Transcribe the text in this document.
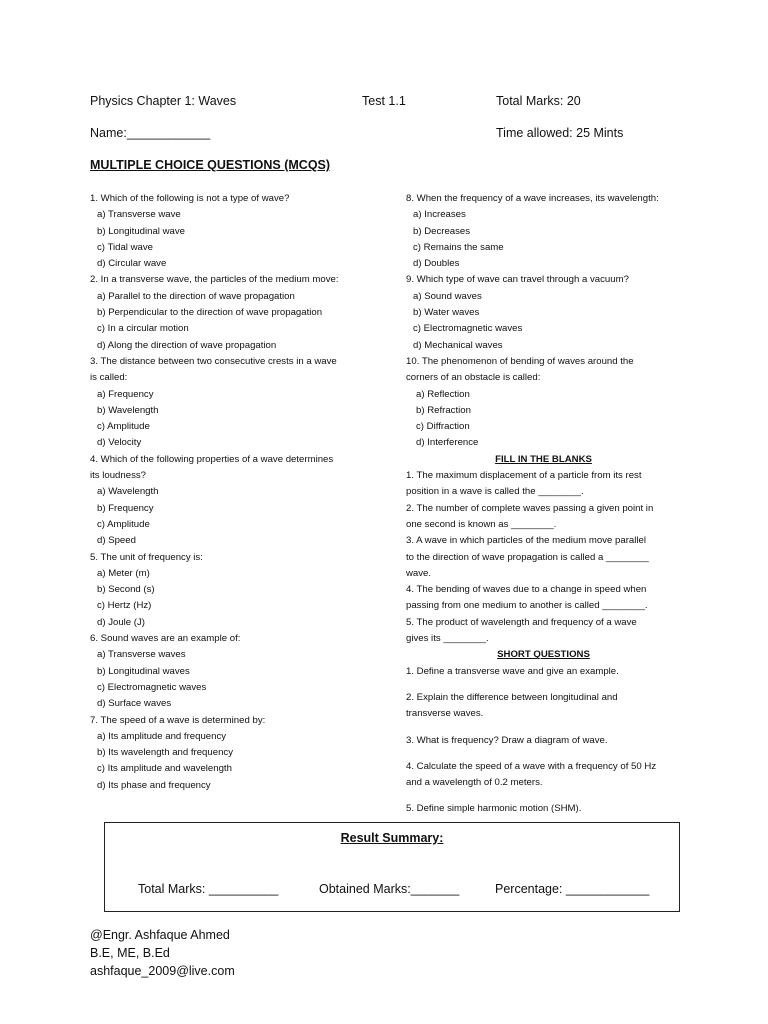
Physics Chapter 1: Waves	Test 1.1	Total Marks: 20
Name:____________	Time allowed: 25 Mints
MULTIPLE CHOICE QUESTIONS (MCQS)
1. Which of the following is not a type of wave?
a) Transverse wave
b) Longitudinal wave
c) Tidal wave
d) Circular wave
2. In a transverse wave, the particles of the medium move:
a) Parallel to the direction of wave propagation
b) Perpendicular to the direction of wave propagation
c) In a circular motion
d) Along the direction of wave propagation
3. The distance between two consecutive crests in a wave
is called:
a) Frequency
b) Wavelength
c) Amplitude
d) Velocity
4. Which of the following properties of a wave determines
its loudness?
a) Wavelength
b) Frequency
c) Amplitude
d) Speed
5. The unit of frequency is:
a) Meter (m)
b) Second (s)
c) Hertz (Hz)
d) Joule (J)
6. Sound waves are an example of:
a) Transverse waves
b) Longitudinal waves
c) Electromagnetic waves
d) Surface waves
7. The speed of a wave is determined by:
a) Its amplitude and frequency
b) Its wavelength and frequency
c) Its amplitude and wavelength
d) Its phase and frequency
8. When the frequency of a wave increases, its wavelength:
a) Increases
b) Decreases
c) Remains the same
d) Doubles
9. Which type of wave can travel through a vacuum?
a) Sound waves
b) Water waves
c) Electromagnetic waves
d) Mechanical waves
10. The phenomenon of bending of waves around the
corners of an obstacle is called:
a) Reflection
b) Refraction
c) Diffraction
d) Interference
FILL IN THE BLANKS
1. The maximum displacement of a particle from its rest
position in a wave is called the ________.
2. The number of complete waves passing a given point in
one second is known as ________.
3. A wave in which particles of the medium move parallel
to the direction of wave propagation is called a ________
wave.
4. The bending of waves due to a change in speed when
passing from one medium to another is called ________.
5. The product of wavelength and frequency of a wave
gives its ________.
SHORT QUESTIONS
1. Define a transverse wave and give an example.
2. Explain the difference between longitudinal and
transverse waves.
3. What is frequency? Draw a diagram of wave.
4. Calculate the speed of a wave with a frequency of 50 Hz
and a wavelength of 0.2 meters.
5. Define simple harmonic motion (SHM).
Result Summary:
Total Marks: __________	Obtained Marks:_______	Percentage: ____________
@Engr. Ashfaque Ahmed
B.E, ME, B.Ed
ashfaque_2009@live.com
